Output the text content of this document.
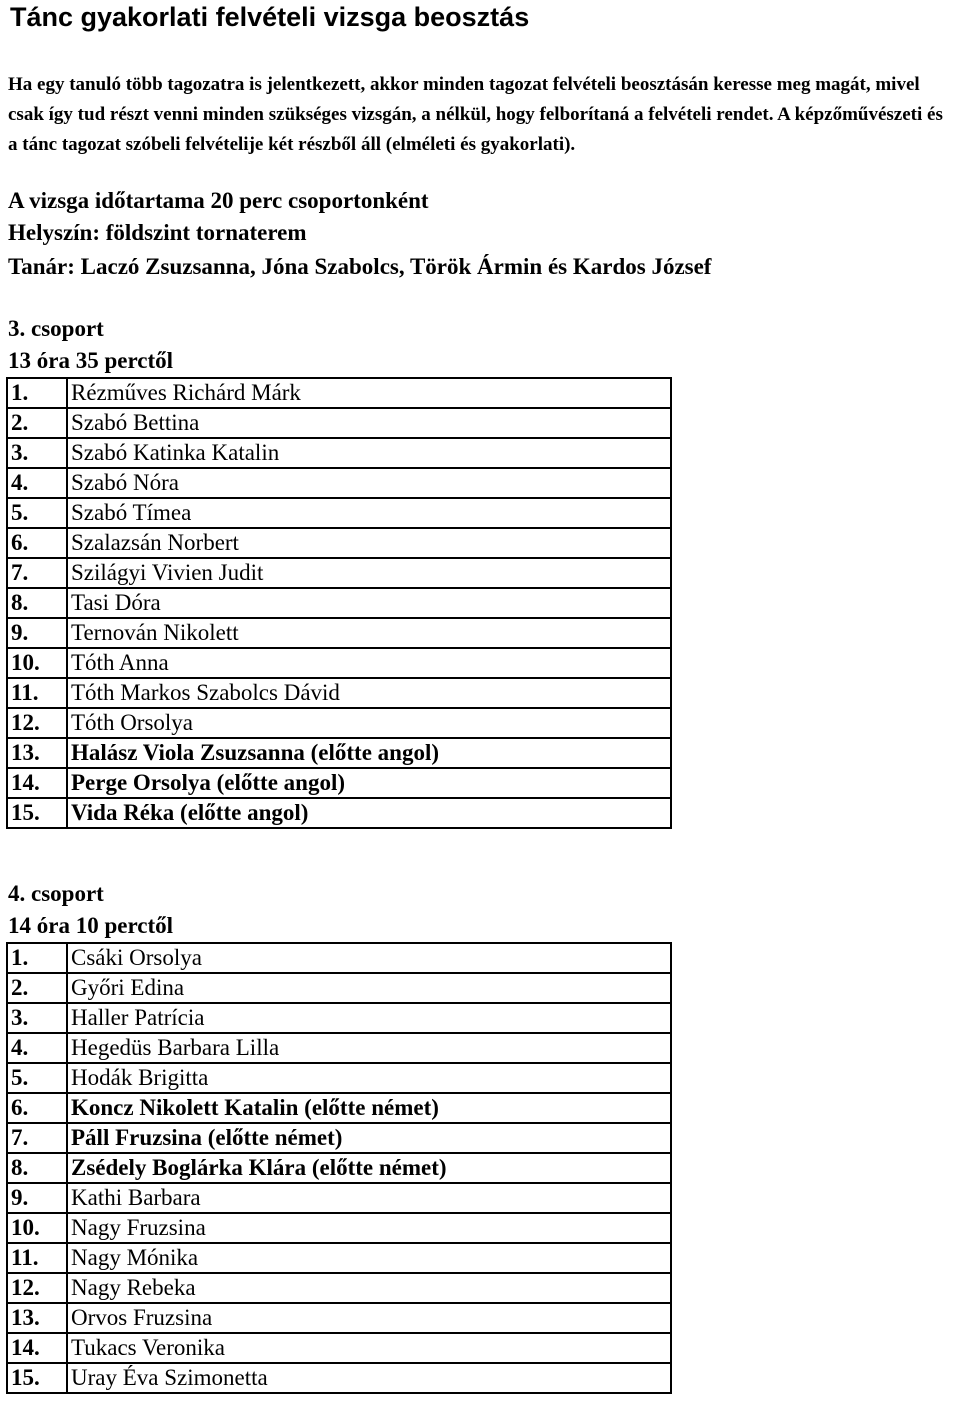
Tánc gyakorlati felvételi vizsga beosztás

Ha egy tanuló több tagozatra is jelentkezett, akkor minden tagozat felvételi beosztásán keresse meg magát, mivel csak így tud részt venni minden szükséges vizsgán, a nélkül, hogy felborítaná a felvételi rendet. A képzőművészeti és a tánc tagozat szóbeli felvételije két részből áll (elméleti és gyakorlati).

A vizsga időtartama 20 perc csoportonként

Helyszín: földszint tornaterem

Tanár: Laczó Zsuzsanna, Jóna Szabolcs, Török Ármin és Kardos József

3. csoport

13 óra 35 perctől

1.	Rézműves Richárd Márk
2.	Szabó Bettina
3.	Szabó Katinka Katalin
4.	Szabó Nóra
5.	Szabó Tímea
6.	Szalazsán Norbert
7.	Szilágyi Vivien Judit
8.	Tasi Dóra
9.	Ternován Nikolett
10.	Tóth Anna
11.	Tóth Markos Szabolcs Dávid
12.	Tóth Orsolya
13.	Halász Viola Zsuzsanna (előtte angol)
14.	Perge Orsolya (előtte angol)
15.	Vida Réka (előtte angol)

4. csoport

14 óra 10 perctől

1.	Csáki Orsolya
2.	Győri Edina
3.	Haller Patrícia
4.	Hegedüs Barbara Lilla
5.	Hodák Brigitta
6.	Koncz Nikolett Katalin (előtte német)
7.	Páll Fruzsina (előtte német)
8.	Zsédely Boglárka Klára (előtte német)
9.	Kathi Barbara
10.	Nagy Fruzsina
11.	Nagy Mónika
12.	Nagy Rebeka
13.	Orvos Fruzsina
14.	Tukacs Veronika
15.	Uray Éva Szimonetta
